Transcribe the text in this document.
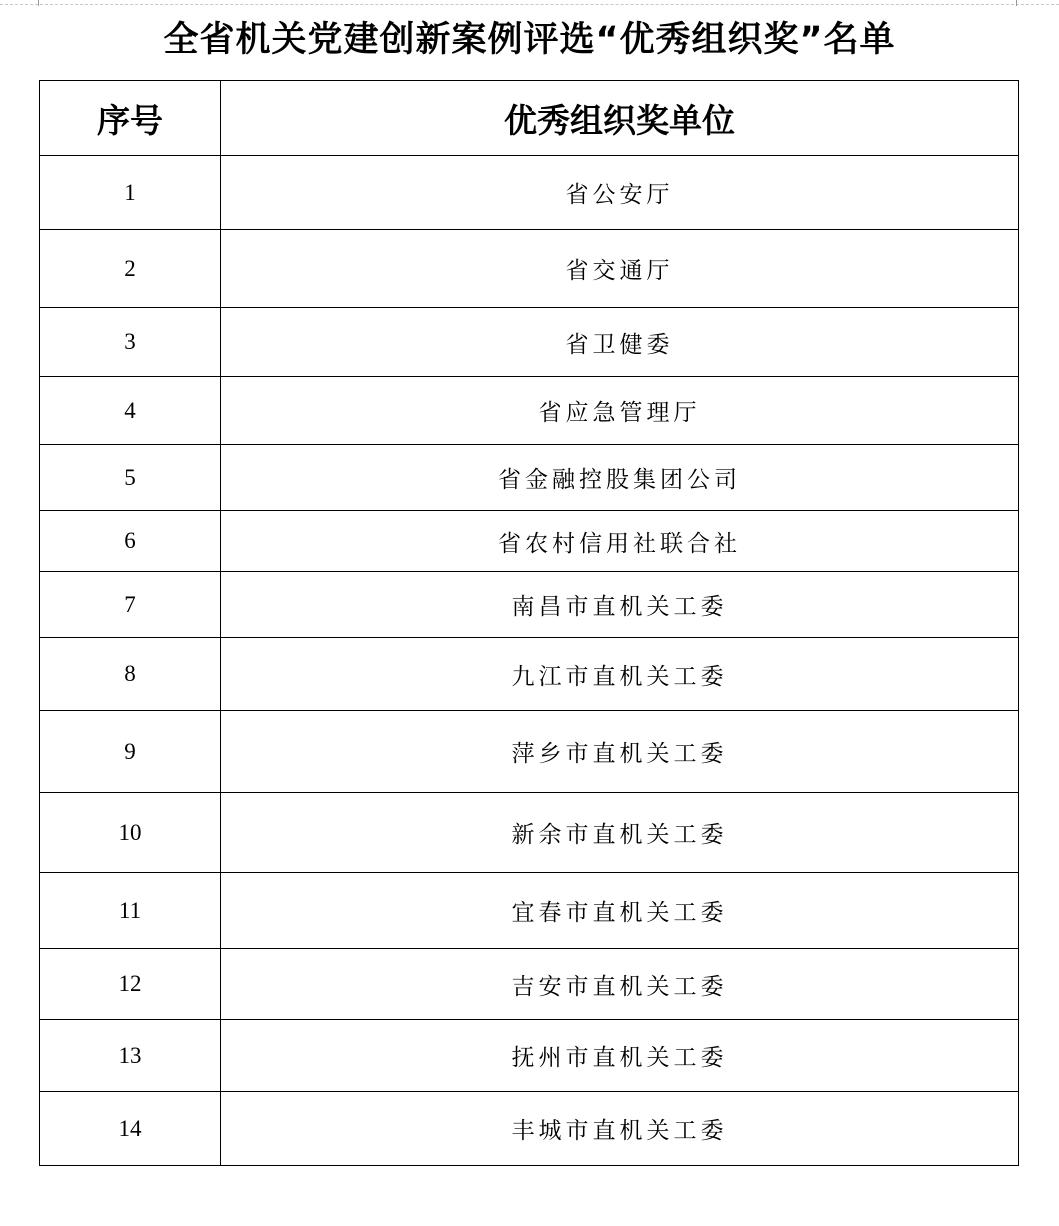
全省机关党建创新案例评选“优秀组织奖”名单
序号	优秀组织奖单位
1	省公安厅
2	省交通厅
3	省卫健委
4	省应急管理厅
5	省金融控股集团公司
6	省农村信用社联合社
7	南昌市直机关工委
8	九江市直机关工委
9	萍乡市直机关工委
10	新余市直机关工委
11	宜春市直机关工委
12	吉安市直机关工委
13	抚州市直机关工委
14	丰城市直机关工委
